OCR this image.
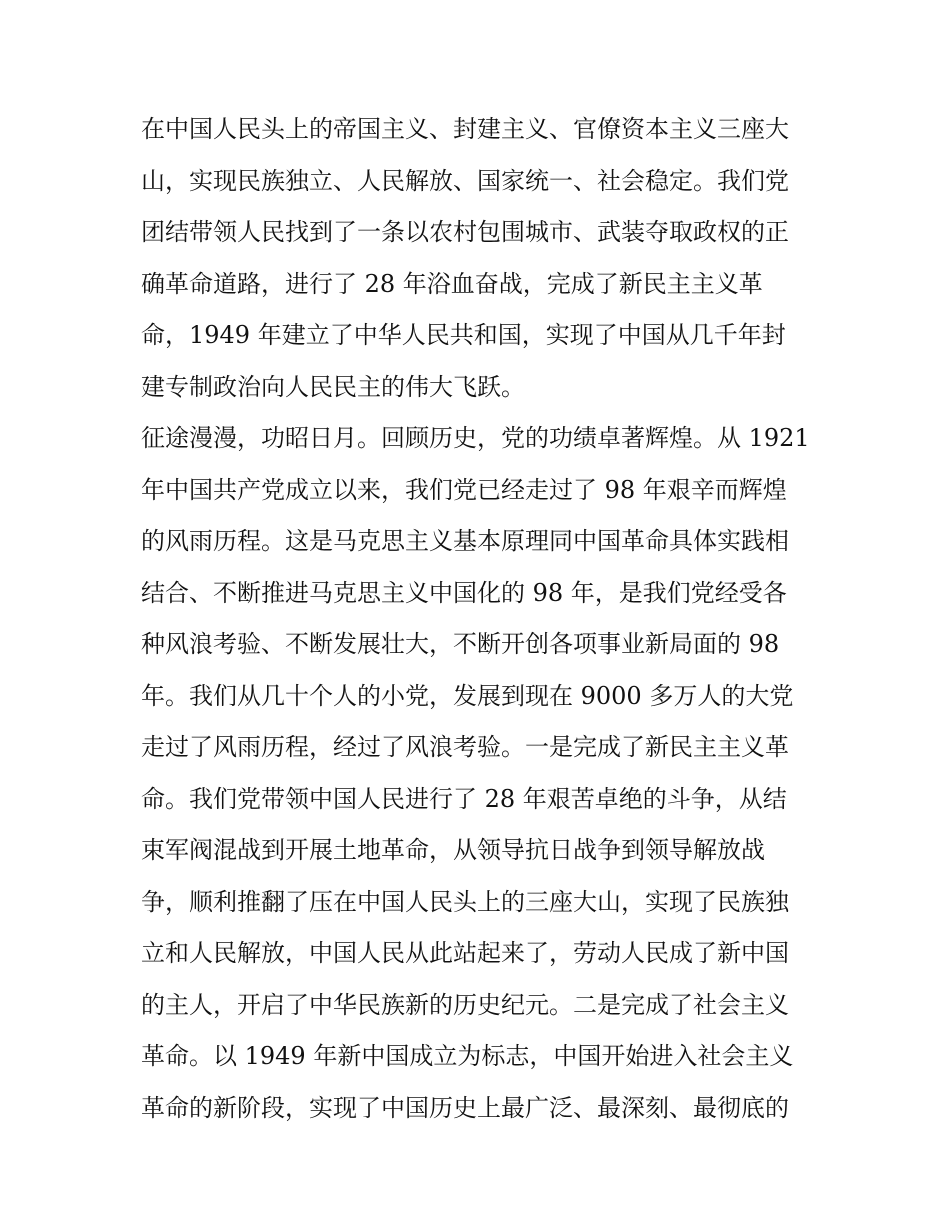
在中国人民头上的帝国主义、封建主义、官僚资本主义三座大
山，实现民族独立、人民解放、国家统一、社会稳定。我们党
团结带领人民找到了一条以农村包围城市、武装夺取政权的正
确革命道路，进行了 28 年浴血奋战，完成了新民主主义革
命，1949 年建立了中华人民共和国，实现了中国从几千年封
建专制政治向人民民主的伟大飞跃。
征途漫漫，功昭日月。回顾历史，党的功绩卓著辉煌。从 1921
年中国共产党成立以来，我们党已经走过了 98 年艰辛而辉煌
的风雨历程。这是马克思主义基本原理同中国革命具体实践相
结合、不断推进马克思主义中国化的 98 年，是我们党经受各
种风浪考验、不断发展壮大，不断开创各项事业新局面的 98
年。我们从几十个人的小党，发展到现在 9000 多万人的大党
走过了风雨历程，经过了风浪考验。一是完成了新民主主义革
命。我们党带领中国人民进行了 28 年艰苦卓绝的斗争，从结
束军阀混战到开展土地革命，从领导抗日战争到领导解放战
争，顺利推翻了压在中国人民头上的三座大山，实现了民族独
立和人民解放，中国人民从此站起来了，劳动人民成了新中国
的主人，开启了中华民族新的历史纪元。二是完成了社会主义
革命。以 1949 年新中国成立为标志，中国开始进入社会主义
革命的新阶段，实现了中国历史上最广泛、最深刻、最彻底的
